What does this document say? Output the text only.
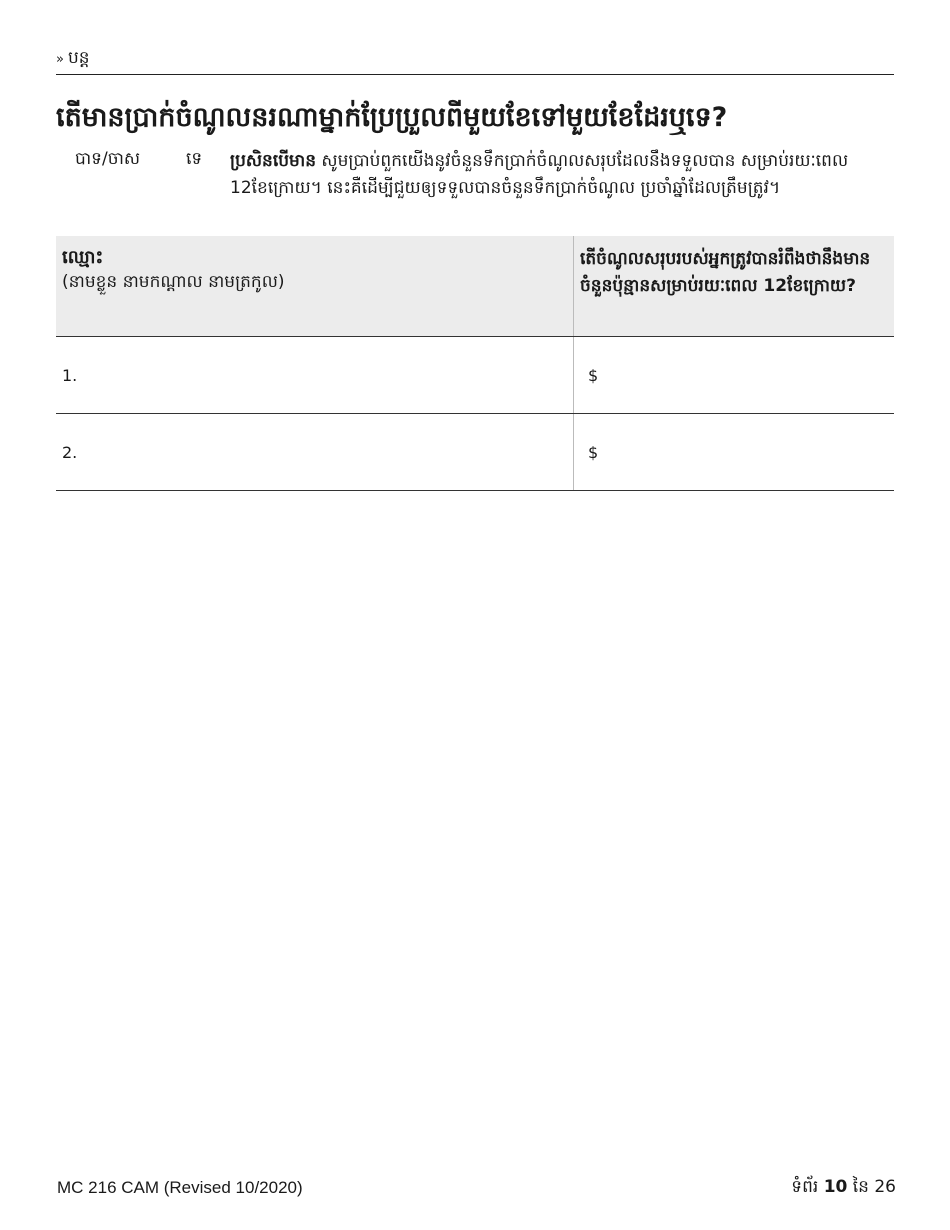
» បន្ត
តើមានប្រាក់ចំណូលនរណាម្នាក់ប្រែប្រួលពីមួយខែទៅមួយខែដែរឬទេ?
បាទ/ចាស	ទេ ប្រសិនបើមាន សូមប្រាប់ពួកយើងនូវចំនួនទឹកប្រាក់ចំណូលសរុបដែលនឹងទទួលបាន សម្រាប់រយៈពេល 12ខែក្រោយ។ នេះគឺដើម្បីជួយឲ្យទទួលបានចំនួនទឹកប្រាក់ចំណូល ប្រចាំឆ្នាំដែលត្រឹមត្រូវ។
ឈ្មោះ
(នាមខ្លួន នាមកណ្តាល នាមត្រកូល)	តើចំណូលសរុបរបស់អ្នកត្រូវបានរំពឹងថានឹងមានចំនួនប៉ុន្មានសម្រាប់រយៈពេល 12ខែក្រោយ?
1.	$
2.	$
MC 216 CAM (Revised 10/2020)	ទំព័រ 10 នៃ 26
